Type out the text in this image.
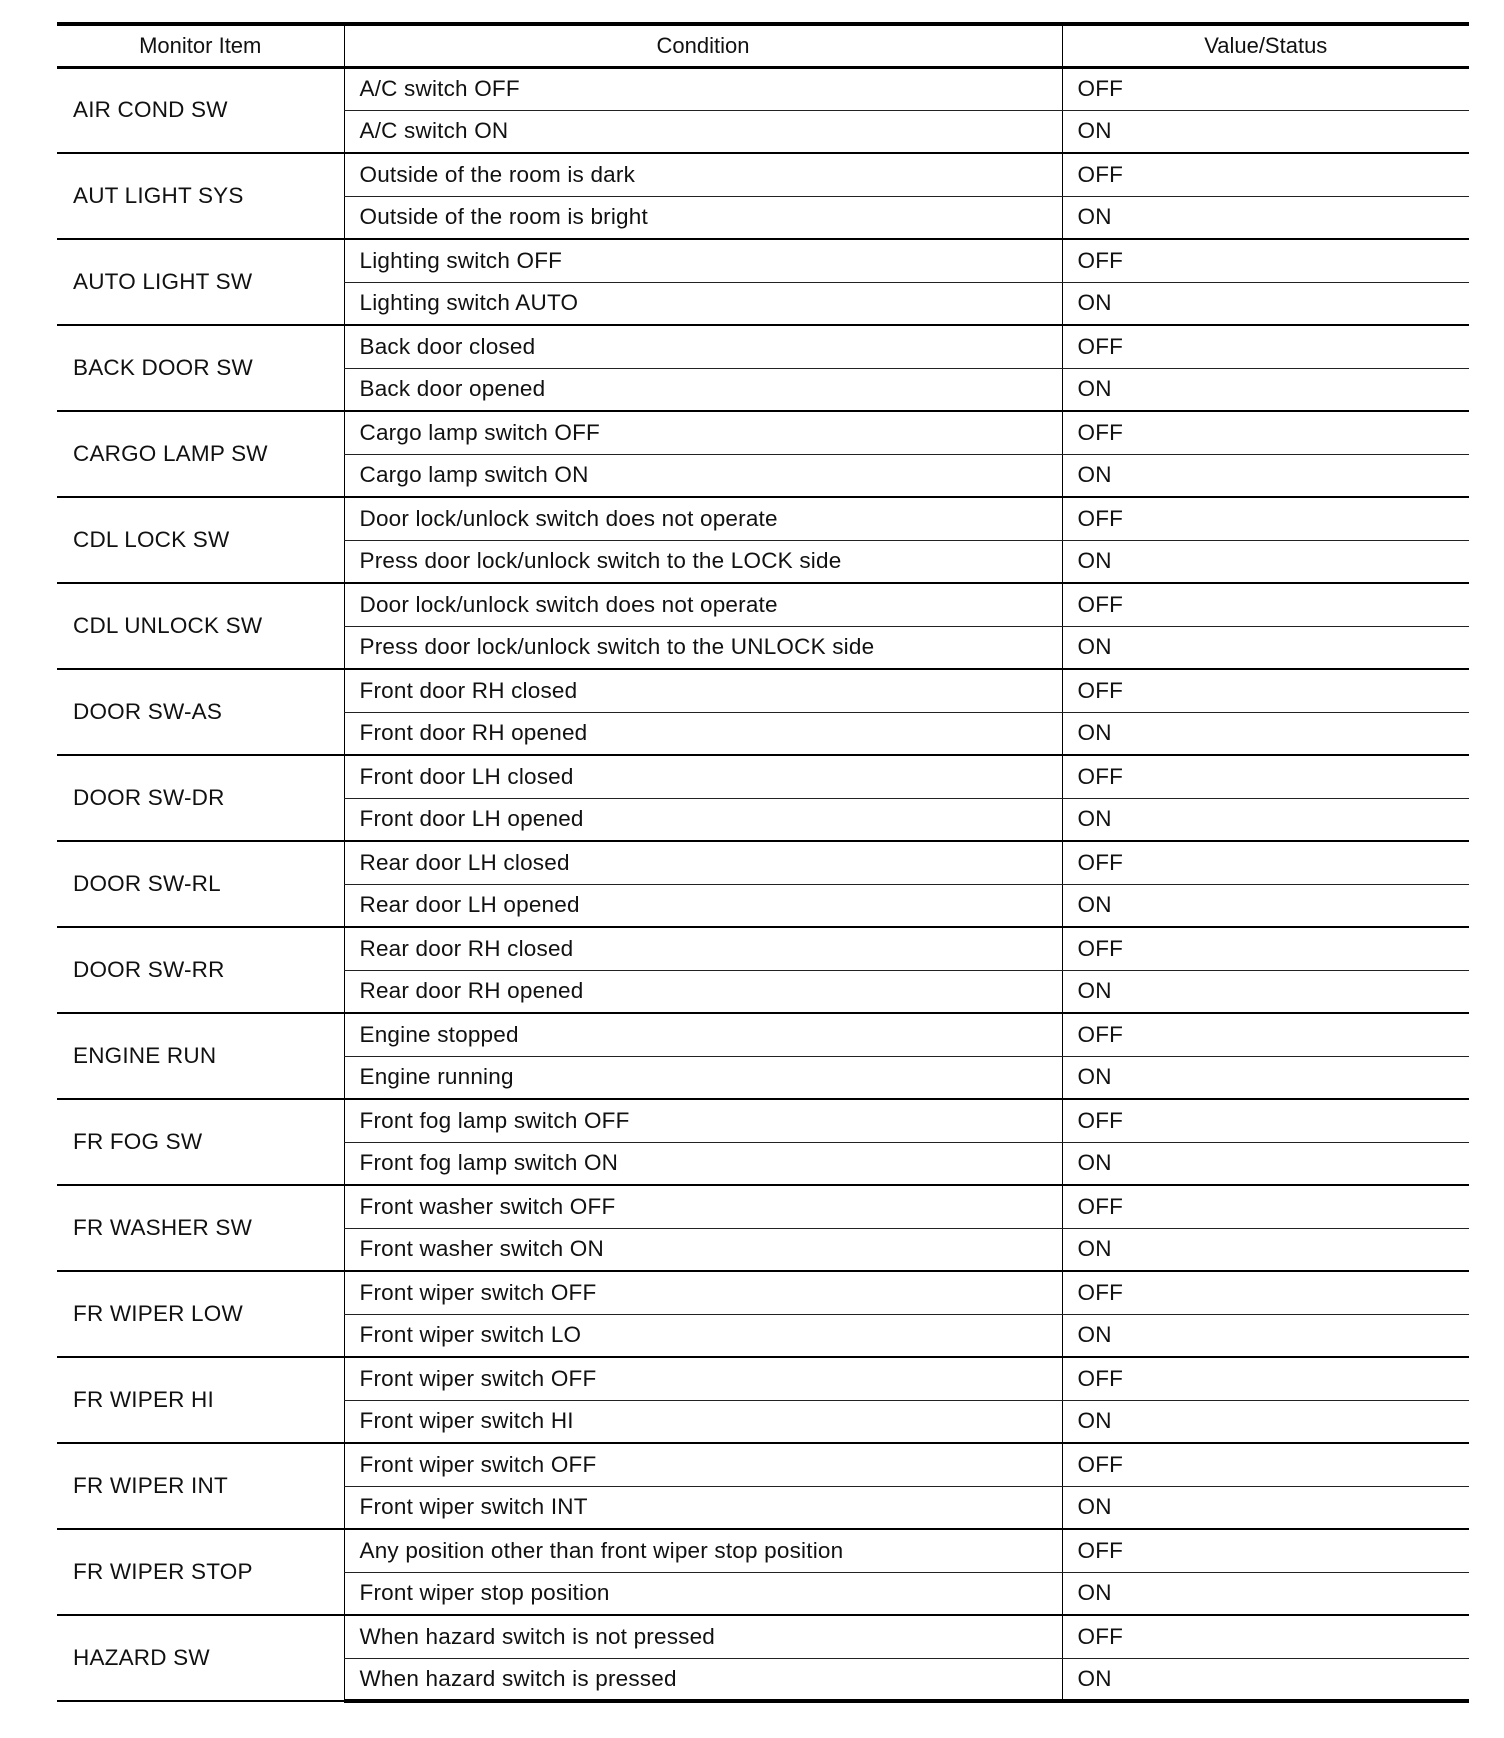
Monitor Item	Condition	Value/Status
AIR COND SW	A/C switch OFF	OFF
	A/C switch ON	ON
AUT LIGHT SYS	Outside of the room is dark	OFF
	Outside of the room is bright	ON
AUTO LIGHT SW	Lighting switch OFF	OFF
	Lighting switch AUTO	ON
BACK DOOR SW	Back door closed	OFF
	Back door opened	ON
CARGO LAMP SW	Cargo lamp switch OFF	OFF
	Cargo lamp switch ON	ON
CDL LOCK SW	Door lock/unlock switch does not operate	OFF
	Press door lock/unlock switch to the LOCK side	ON
CDL UNLOCK SW	Door lock/unlock switch does not operate	OFF
	Press door lock/unlock switch to the UNLOCK side	ON
DOOR SW-AS	Front door RH closed	OFF
	Front door RH opened	ON
DOOR SW-DR	Front door LH closed	OFF
	Front door LH opened	ON
DOOR SW-RL	Rear door LH closed	OFF
	Rear door LH opened	ON
DOOR SW-RR	Rear door RH closed	OFF
	Rear door RH opened	ON
ENGINE RUN	Engine stopped	OFF
	Engine running	ON
FR FOG SW	Front fog lamp switch OFF	OFF
	Front fog lamp switch ON	ON
FR WASHER SW	Front washer switch OFF	OFF
	Front washer switch ON	ON
FR WIPER LOW	Front wiper switch OFF	OFF
	Front wiper switch LO	ON
FR WIPER HI	Front wiper switch OFF	OFF
	Front wiper switch HI	ON
FR WIPER INT	Front wiper switch OFF	OFF
	Front wiper switch INT	ON
FR WIPER STOP	Any position other than front wiper stop position	OFF
	Front wiper stop position	ON
HAZARD SW	When hazard switch is not pressed	OFF
	When hazard switch is pressed	ON
